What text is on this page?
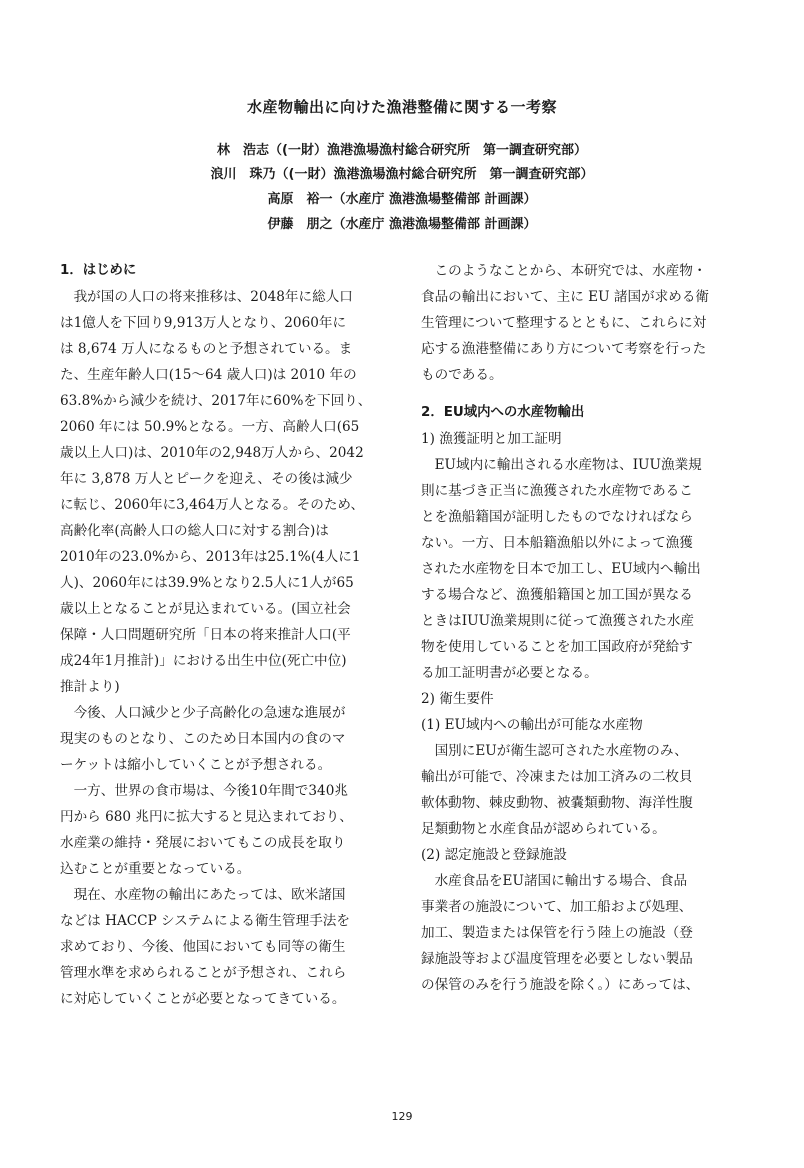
水産物輸出に向けた漁港整備に関する一考察
林　浩志（(一財）漁港漁場漁村総合研究所　第一調査研究部）
浪川　珠乃（(一財）漁港漁場漁村総合研究所　第一調査研究部）
高原　裕一（水産庁 漁港漁場整備部 計画課）
伊藤　朋之（水産庁 漁港漁場整備部 計画課）
1．はじめに

　我が国の人口の将来推移は、2048年に総人口
は1億人を下回り9,913万人となり、2060年に
は 8,674 万人になるものと予想されている。ま
た、生産年齢人口(15～64 歳人口)は 2010 年の
63.8%から減少を続け、2017年に60%を下回り、
2060 年には 50.9%となる。一方、高齢人口(65
歳以上人口)は、2010年の2,948万人から、2042
年に 3,878 万人とピークを迎え、その後は減少
に転じ、2060年に3,464万人となる。そのため、
高齢化率(高齢人口の総人口に対する割合)は
2010年の23.0%から、2013年は25.1%(4人に1
人)、2060年には39.9%となり2.5人に1人が65
歳以上となることが見込まれている。(国立社会
保障・人口問題研究所「日本の将来推計人口(平
成24年1月推計)」における出生中位(死亡中位)
推計より)

　今後、人口減少と少子高齢化の急速な進展が
現実のものとなり、このため日本国内の食のマ
ーケットは縮小していくことが予想される。

　一方、世界の食市場は、今後10年間で340兆
円から 680 兆円に拡大すると見込まれており、
水産業の維持・発展においてもこの成長を取り
込むことが重要となっている。

　現在、水産物の輸出にあたっては、欧米諸国
などは HACCP システムによる衛生管理手法を
求めており、今後、他国においても同等の衛生
管理水準を求められることが予想され、これら
に対応していくことが必要となってきている。

　このようなことから、本研究では、水産物・
食品の輸出において、主に EU 諸国が求める衛
生管理について整理するとともに、これらに対
応する漁港整備にあり方について考察を行った
ものである。

2．EU域内への水産物輸出
1) 漁獲証明と加工証明

　EU域内に輸出される水産物は、IUU漁業規
則に基づき正当に漁獲された水産物であるこ
とを漁船籍国が証明したものでなければなら
ない。一方、日本船籍漁船以外によって漁獲
された水産物を日本で加工し、EU域内へ輸出
する場合など、漁獲船籍国と加工国が異なる
ときはIUU漁業規則に従って漁獲された水産
物を使用していることを加工国政府が発給す
る加工証明書が必要となる。

2) 衛生要件
(1) EU域内への輸出が可能な水産物

　国別にEUが衛生認可された水産物のみ、
輸出が可能で、冷凍または加工済みの二枚貝
軟体動物、棘皮動物、被嚢類動物、海洋性腹
足類動物と水産食品が認められている。

(2) 認定施設と登録施設

　水産食品をEU諸国に輸出する場合、食品
事業者の施設について、加工船および処理、
加工、製造または保管を行う陸上の施設（登
録施設等および温度管理を必要としない製品
の保管のみを行う施設を除く。）にあっては、

129
